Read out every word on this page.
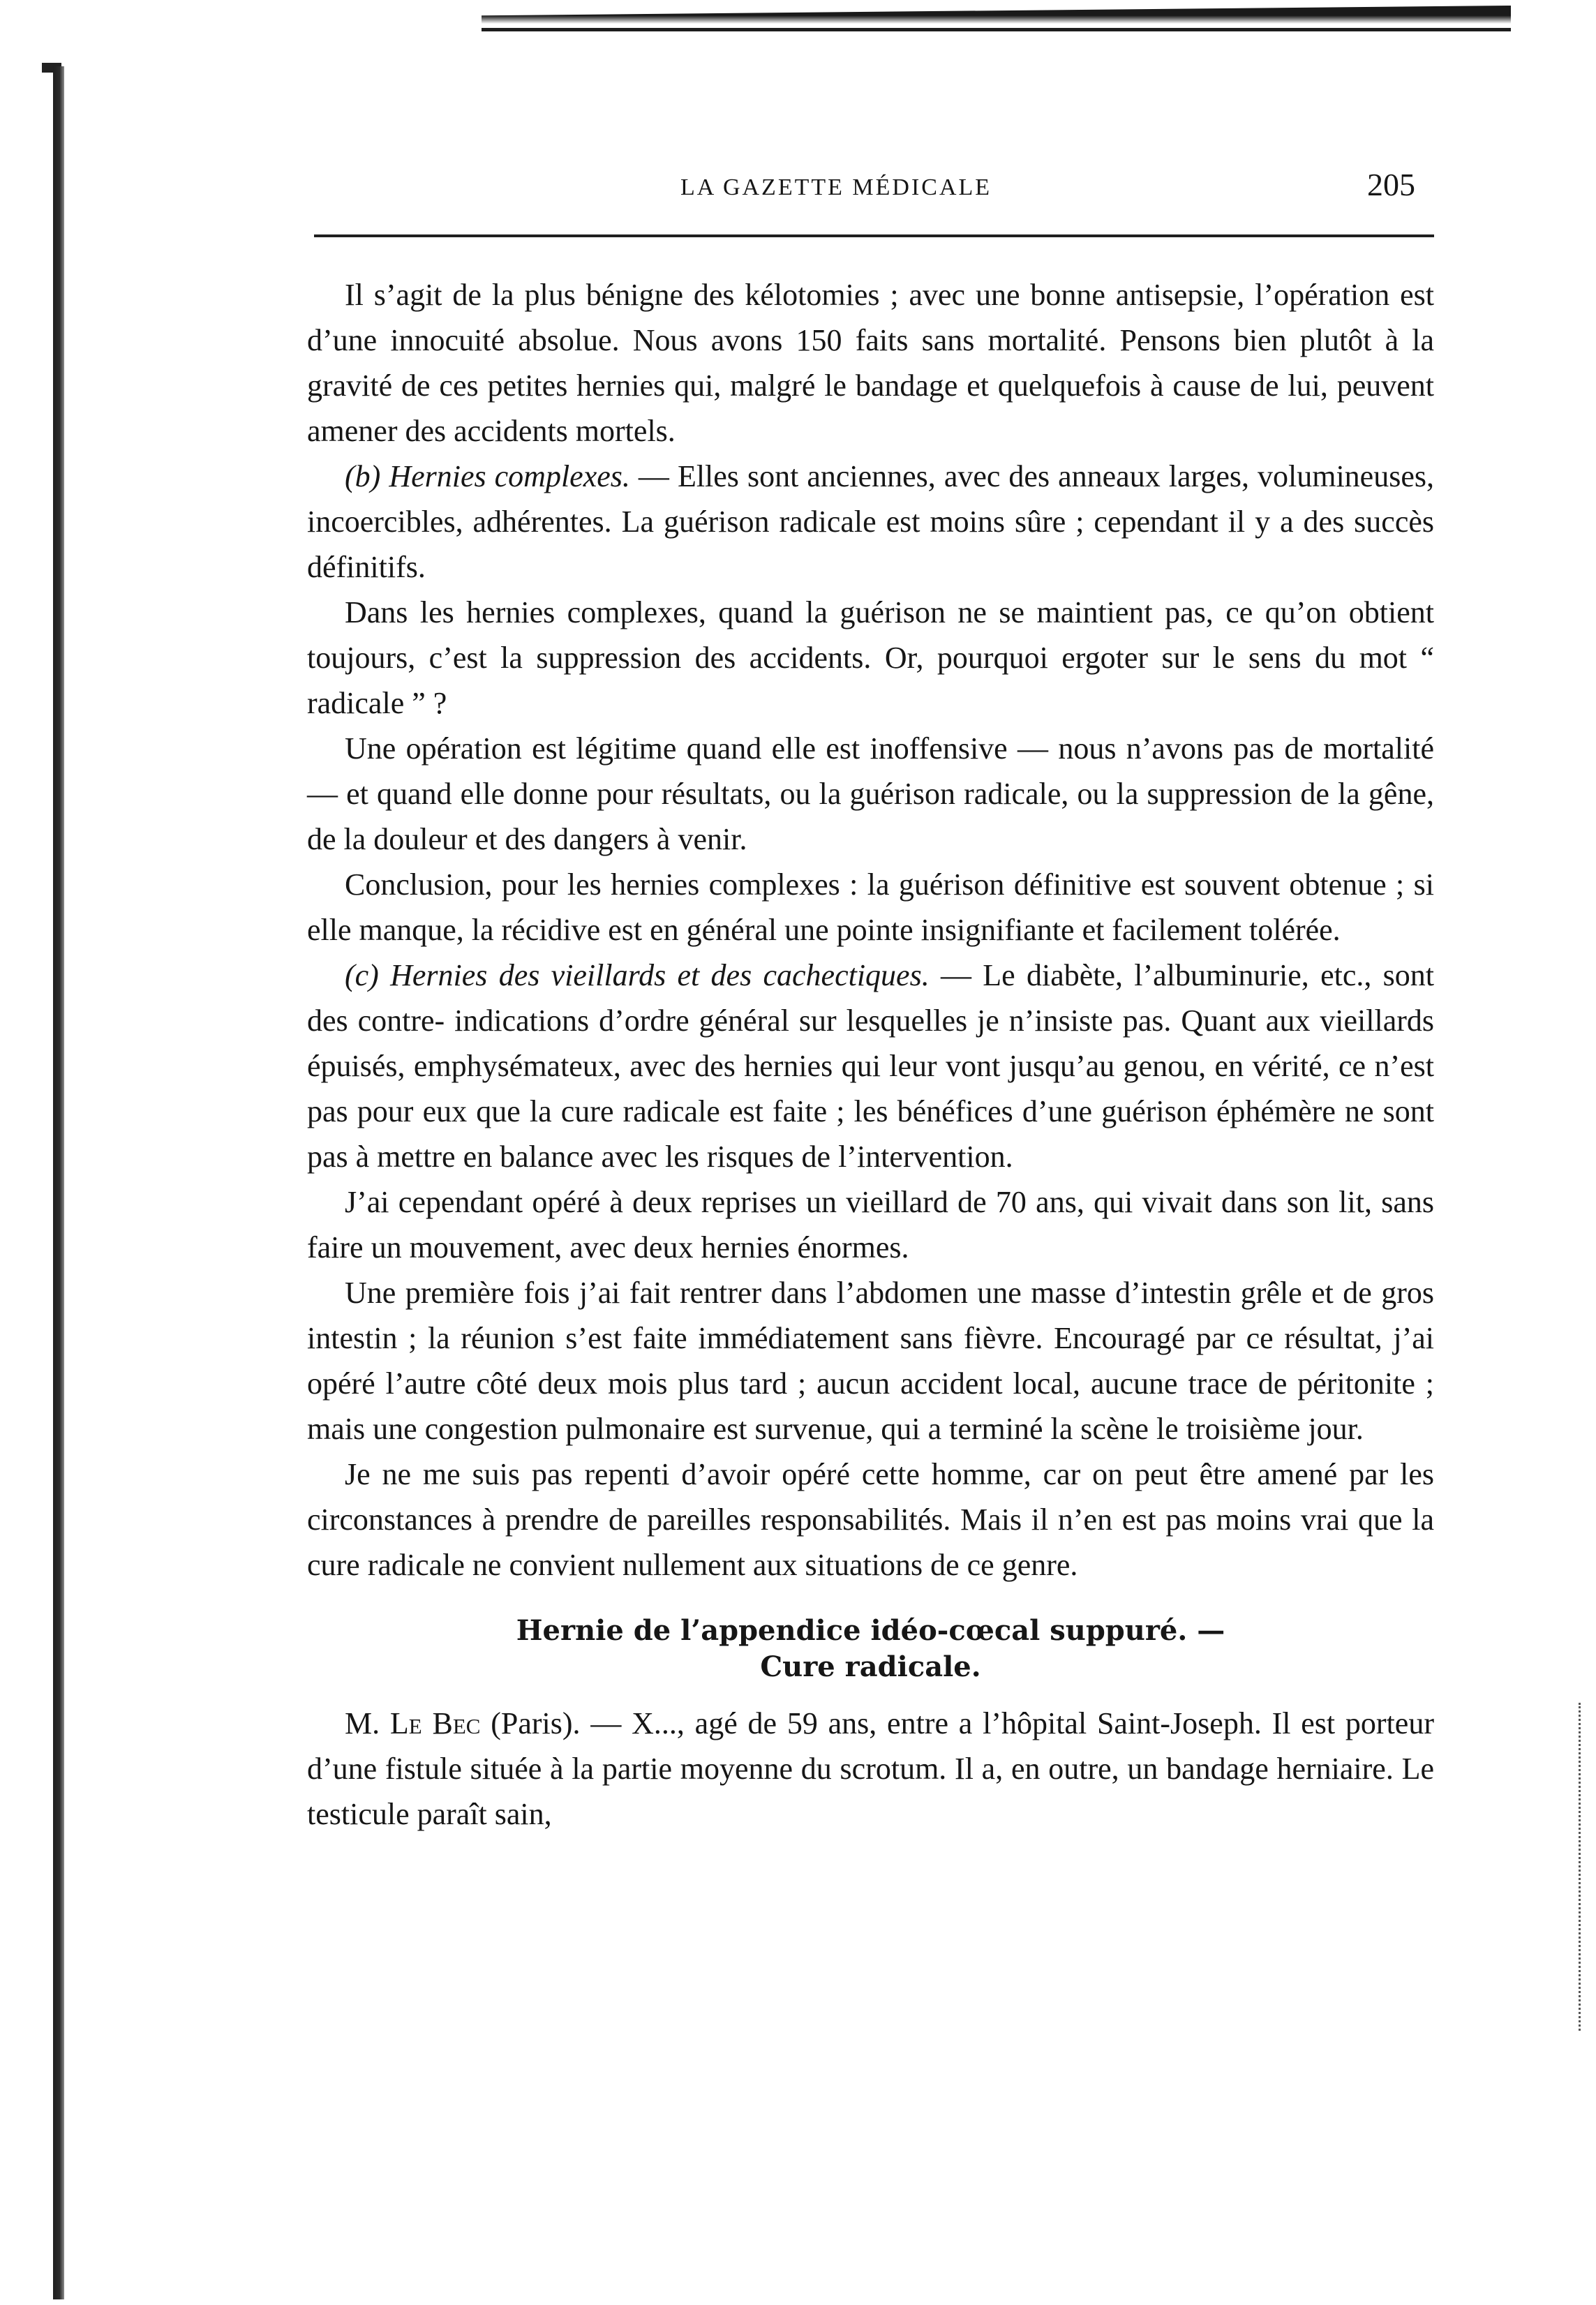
LA GAZETTE MÉDICALE	205

Il s’agit de la plus bénigne des kélotomies ; avec une bonne antisepsie, l’opération est d’une innocuité absolue. Nous avons 150 faits sans mortalité. Pensons bien plutôt à la gravité de ces petites hernies qui, malgré le bandage et quelquefois à cause de lui, peuvent amener des accidents mortels.

(b) Hernies complexes. — Elles sont anciennes, avec des anneaux larges, volumineuses, incoercibles, adhérentes. La guérison radicale est moins sûre ; cependant il y a des succès définitifs.

Dans les hernies complexes, quand la guérison ne se maintient pas, ce qu’on obtient toujours, c’est la suppression des accidents. Or, pourquoi ergoter sur le sens du mot “ radicale ” ?

Une opération est légitime quand elle est inoffensive — nous n’avons pas de mortalité — et quand elle donne pour résultats, ou la guérison radicale, ou la suppression de la gêne, de la douleur et des dangers à venir.

Conclusion, pour les hernies complexes : la guérison définitive est souvent obtenue ; si elle manque, la récidive est en général une pointe insignifiante et facilement tolérée.

(c) Hernies des vieillards et des cachectiques. — Le diabète, l’albuminurie, etc., sont des contre- indications d’ordre général sur lesquelles je n’insiste pas. Quant aux vieillards épuisés, emphysémateux, avec des hernies qui leur vont jusqu’au genou, en vérité, ce n’est pas pour eux que la cure radicale est faite ; les bénéfices d’une guérison éphémère ne sont pas à mettre en balance avec les risques de l’intervention.

J’ai cependant opéré à deux reprises un vieillard de 70 ans, qui vivait dans son lit, sans faire un mouvement, avec deux hernies énormes.

Une première fois j’ai fait rentrer dans l’abdomen une masse d’intestin grêle et de gros intestin ; la réunion s’est faite immédiatement sans fièvre. Encouragé par ce résultat, j’ai opéré l’autre côté deux mois plus tard ; aucun accident local, aucune trace de péritonite ; mais une congestion pulmonaire est survenue, qui a terminé la scène le troisième jour.

Je ne me suis pas repenti d’avoir opéré cette homme, car on peut être amené par les circonstances à prendre de pareilles responsabilités. Mais il n’en est pas moins vrai que la cure radicale ne convient nullement aux situations de ce genre.

Hernie de l’appendice idéo-cœcal suppuré. —
Cure radicale.

M. Le Bec (Paris). — X..., agé de 59 ans, entre a l’hôpital Saint-Joseph. Il est porteur d’une fistule située à la partie moyenne du scrotum. Il a, en outre, un bandage herniaire. Le testicule paraît sain,
